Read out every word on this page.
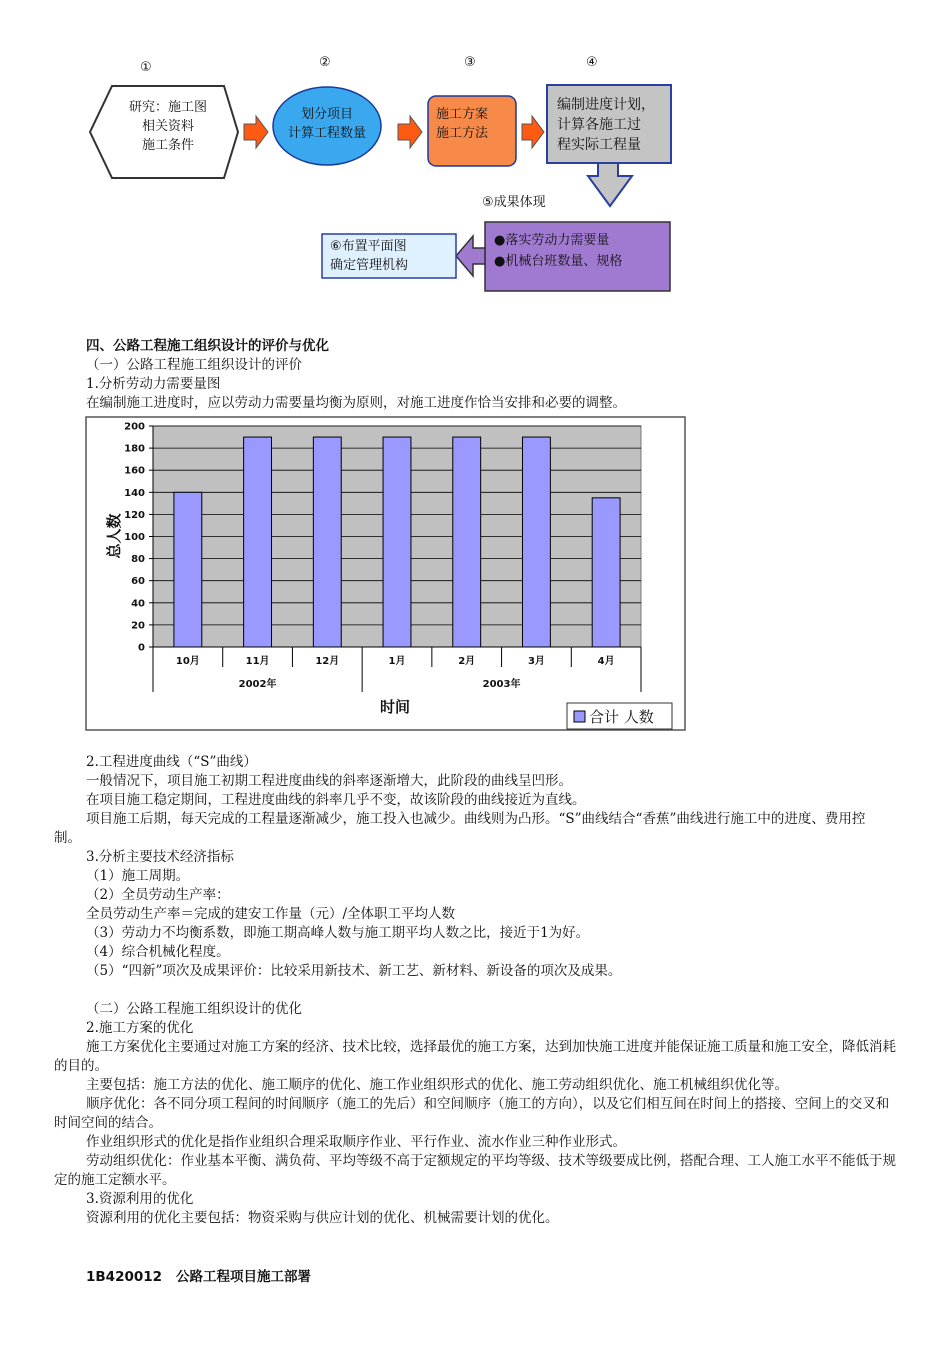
①	②	③	④
研究：施工图
相关资料
施工条件
划分项目
计算工程数量
施工方案
施工方法
编制进度计划，
计算各施工过
程实际工程量
⑤成果体现
●落实劳动力需要量
●机械台班数量、规格
⑥布置平面图
确定管理机构
四、公路工程施工组织设计的评价与优化
（一）公路工程施工组织设计的评价
1.分析劳动力需要量图
在编制施工进度时，应以劳动力需要量均衡为原则，对施工进度作恰当安排和必要的调整。
0
20
40
60
80
100
120
140
160
180
200
10月	11月	12月	1月	2月	3月	4月
2002年	2003年
总人数
时间
合计 人数
2.工程进度曲线（“S”曲线）
一般情况下，项目施工初期工程进度曲线的斜率逐渐增大，此阶段的曲线呈凹形。
在项目施工稳定期间，工程进度曲线的斜率几乎不变，故该阶段的曲线接近为直线。
项目施工后期，每天完成的工程量逐渐减少，施工投入也减少。曲线则为凸形。“S”曲线结合“香蕉”曲线进行施工中的进度、费用控制。
3.分析主要技术经济指标
（1）施工周期。
（2）全员劳动生产率：
全员劳动生产率＝完成的建安工作量（元）/全体职工平均人数
（3）劳动力不均衡系数，即施工期高峰人数与施工期平均人数之比，接近于1为好。
（4）综合机械化程度。
（5）“四新”项次及成果评价：比较采用新技术、新工艺、新材料、新设备的项次及成果。
（二）公路工程施工组织设计的优化
2.施工方案的优化
施工方案优化主要通过对施工方案的经济、技术比较，选择最优的施工方案，达到加快施工进度并能保证施工质量和施工安全，降低消耗的目的。
主要包括：施工方法的优化、施工顺序的优化、施工作业组织形式的优化、施工劳动组织优化、施工机械组织优化等。
顺序优化：各不同分项工程间的时间顺序（施工的先后）和空间顺序（施工的方向），以及它们相互间在时间上的搭接、空间上的交叉和时间空间的结合。
作业组织形式的优化是指作业组织合理采取顺序作业、平行作业、流水作业三种作业形式。
劳动组织优化：作业基本平衡、满负荷、平均等级不高于定额规定的平均等级、技术等级要成比例，搭配合理、工人施工水平不能低于规定的施工定额水平。
3.资源利用的优化
资源利用的优化主要包括：物资采购与供应计划的优化、机械需要计划的优化。
1B420012 公路工程项目施工部署
